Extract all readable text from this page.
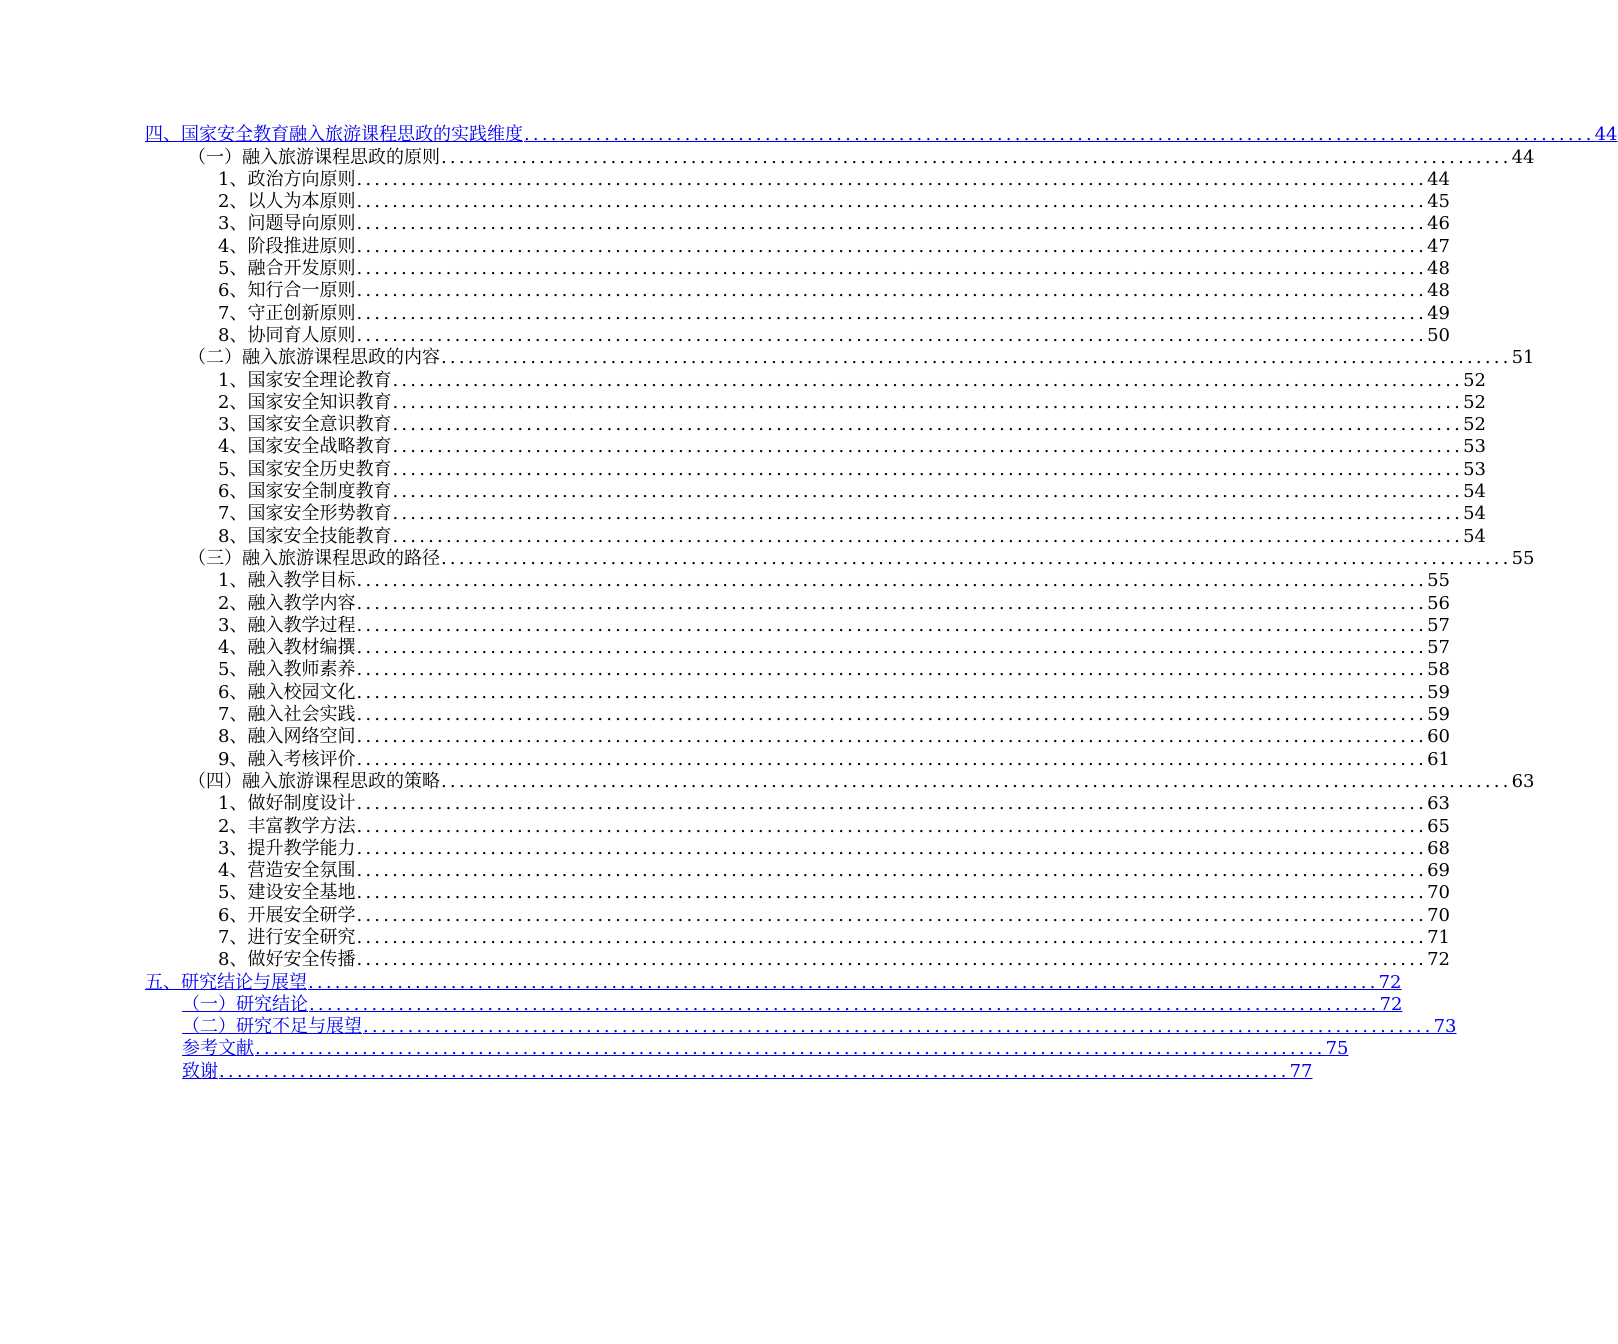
四、国家安全教育融入旅游课程思政的实践维度 ........................................................................................................................ 44
（一）融入旅游课程思政的原则 ........................................................................................................................ 44
1、政治方向原则 ........................................................................................................................ 44
2、以人为本原则 ........................................................................................................................ 45
3、问题导向原则 ........................................................................................................................ 46
4、阶段推进原则 ........................................................................................................................ 47
5、融合开发原则 ........................................................................................................................ 48
6、知行合一原则 ........................................................................................................................ 48
7、守正创新原则 ........................................................................................................................ 49
8、协同育人原则 ........................................................................................................................ 50
（二）融入旅游课程思政的内容 ........................................................................................................................ 51
1、国家安全理论教育 ........................................................................................................................ 52
2、国家安全知识教育 ........................................................................................................................ 52
3、国家安全意识教育 ........................................................................................................................ 52
4、国家安全战略教育 ........................................................................................................................ 53
5、国家安全历史教育 ........................................................................................................................ 53
6、国家安全制度教育 ........................................................................................................................ 54
7、国家安全形势教育 ........................................................................................................................ 54
8、国家安全技能教育 ........................................................................................................................ 54
（三）融入旅游课程思政的路径 ........................................................................................................................ 55
1、融入教学目标 ........................................................................................................................ 55
2、融入教学内容 ........................................................................................................................ 56
3、融入教学过程 ........................................................................................................................ 57
4、融入教材编撰 ........................................................................................................................ 57
5、融入教师素养 ........................................................................................................................ 58
6、融入校园文化 ........................................................................................................................ 59
7、融入社会实践 ........................................................................................................................ 59
8、融入网络空间 ........................................................................................................................ 60
9、融入考核评价 ........................................................................................................................ 61
（四）融入旅游课程思政的策略 ........................................................................................................................ 63
1、做好制度设计 ........................................................................................................................ 63
2、丰富教学方法 ........................................................................................................................ 65
3、提升教学能力 ........................................................................................................................ 68
4、营造安全氛围 ........................................................................................................................ 69
5、建设安全基地 ........................................................................................................................ 70
6、开展安全研学 ........................................................................................................................ 70
7、进行安全研究 ........................................................................................................................ 71
8、做好安全传播 ........................................................................................................................ 72
五、研究结论与展望 ........................................................................................................................ 72
（一）研究结论 ........................................................................................................................ 72
（二）研究不足与展望 ........................................................................................................................ 73
参考文献 ........................................................................................................................ 75
致谢 ........................................................................................................................ 77
